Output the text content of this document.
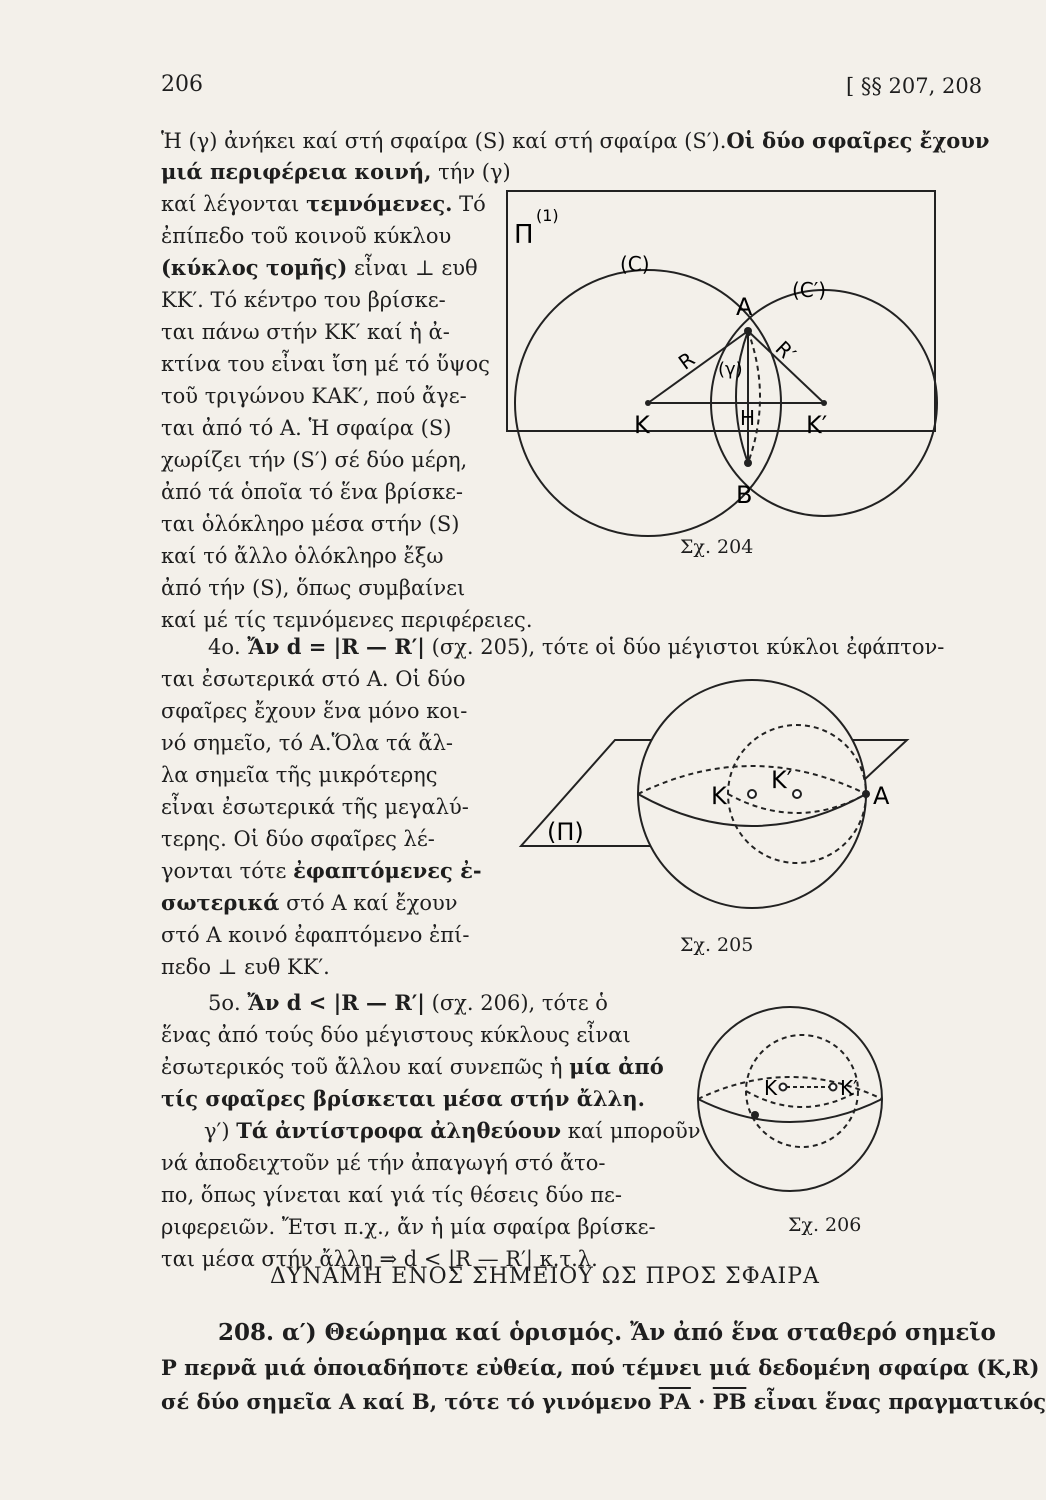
206	[ §§ 207, 208
Ἡ (γ) ἀνήκει καί στή σφαίρα (S) καί στή σφαίρα (S′).Οἱ δύο σφαῖρες ἔχουν
μιά περιφέρεια κοινή, τήν (γ)
καί λέγονται τεμνόμενες. Τό
ἐπίπεδο τοῦ κοινοῦ κύκλου
(κύκλος τομῆς) εἶναι ⊥ ευθ
ΚΚ′. Τό κέντρο του βρίσκε-
ται πάνω στήν ΚΚ′ καί ἡ ἀ-
κτίνα του εἶναι ἴση μέ τό ὕψος
τοῦ τριγώνου ΚΑΚ′, πού ἄγε-
ται ἀπό τό Α. Ἡ σφαίρα (S)
χωρίζει τήν (S′) σέ δύο μέρη,
ἀπό τά ὁποῖα τό ἕνα βρίσκε-
ται ὁλόκληρο μέσα στήν (S)
καί τό ἄλλο ὁλόκληρο ἔξω
ἀπό τήν (S), ὅπως συμβαίνει
καί μέ τίς τεμνόμενες περιφέρειες.
4ο. Ἄν d = |R — R′| (σχ. 205), τότε οἱ δύο μέγιστοι κύκλοι ἐφάπτον-
ται ἐσωτερικά στό Α. Οἱ δύο
σφαῖρες ἔχουν ἕνα μόνο κοι-
νό σημεῖο, τό Α.Ὅλα τά ἄλ-
λα σημεῖα τῆς μικρότερης
εἶναι ἐσωτερικά τῆς μεγαλύ-
τερης. Οἱ δύο σφαῖρες λέ-
γονται τότε ἐφαπτόμενες ἐ-
σωτερικά στό Α καί ἔχουν
στό Α κοινό ἐφαπτόμενο ἐπί-
πεδο ⊥ ευθ ΚΚ′.
5ο. Ἄν d < |R — R′| (σχ. 206), τότε ὁ
ἕνας ἀπό τούς δύο μέγιστους κύκλους εἶναι
ἐσωτερικός τοῦ ἄλλου καί συνεπῶς ἡ μία ἀπό
τίς σφαῖρες βρίσκεται μέσα στήν ἄλλη.
γ′) Τά ἀντίστροφα ἀληθεύουν καί μποροῦν
νά ἀποδειχτοῦν μέ τήν ἀπαγωγή στό ἄτο-
πο, ὅπως γίνεται καί γιά τίς θέσεις δύο πε-
ριφερειῶν. Ἔτσι π.χ., ἄν ἡ μία σφαίρα βρίσκε-
ται μέσα στήν ἄλλη ⇒ d < |R — R′| κ.τ.λ.
ΔΥΝΑΜΗ ΕΝΟΣ ΣΗΜΕΙΟΥ ΩΣ ΠΡΟΣ ΣΦΑΙΡΑ
208. α′) Θεώρημα καί ὁρισμός. Ἄν ἀπό ἕνα σταθερό σημεῖο
Ρ περνᾶ μιά ὁποιαδήποτε εὐθεία, πού τέμνει μιά δεδομένη σφαίρα (Κ,R)
σέ δύο σημεῖα Α καί Β, τότε τό γινόμενο $\overline{PA} \cdot \overline{PB}$ εἶναι ἕνας πραγματικός
Π
(1)
(C)
(C′)
Α
Β
Κ	Κ′
Η
R	R′
(γ)
Σχ. 204
(Π)
Κ
Κ′
Α
Σχ. 205
Κ	Κ′
Σχ. 206
